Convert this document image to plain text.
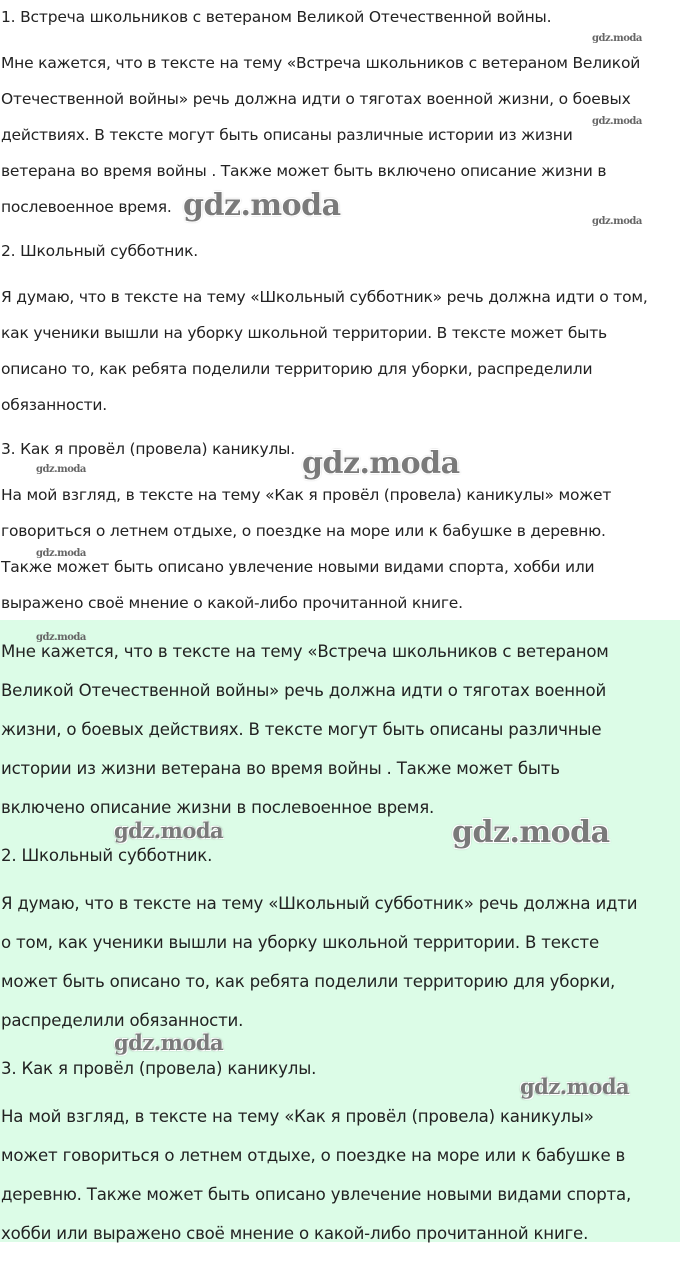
1. Встреча школьников с ветераном Великой Отечественной войны.

Мне кажется, что в тексте на тему «Встреча школьников с ветераном Великой

Отечественной войны» речь должна идти о тяготах военной жизни, о боевых

действиях. В тексте могут быть описаны различные истории из жизни

ветерана во время войны . Также может быть включено описание жизни в

послевоенное время.

2. Школьный субботник.

Я думаю, что в тексте на тему «Школьный субботник» речь должна идти о том,

как ученики вышли на уборку школьной территории. В тексте может быть

описано то, как ребята поделили территорию для уборки, распределили

обязанности.

3. Как я провёл (провела) каникулы.

На мой взгляд, в тексте на тему «Как я провёл (провела) каникулы» может

говориться о летнем отдыхе, о поездке на море или к бабушке в деревню.

Также может быть описано увлечение новыми видами спорта, хобби или

выражено своё мнение о какой-либо прочитанной книге.

Мне кажется, что в тексте на тему «Встреча школьников с ветераном

Великой Отечественной войны» речь должна идти о тяготах военной

жизни, о боевых действиях. В тексте могут быть описаны различные

истории из жизни ветерана во время войны . Также может быть

включено описание жизни в послевоенное время.

2. Школьный субботник.

Я думаю, что в тексте на тему «Школьный субботник» речь должна идти

о том, как ученики вышли на уборку школьной территории. В тексте

может быть описано то, как ребята поделили территорию для уборки,

распределили обязанности.

3. Как я провёл (провела) каникулы.

На мой взгляд, в тексте на тему «Как я провёл (провела) каникулы»

может говориться о летнем отдыхе, о поездке на море или к бабушке в

деревню. Также может быть описано увлечение новыми видами спорта,

хобби или выражено своё мнение о какой-либо прочитанной книге.

gdz.moda
gdz.moda
gdz.moda	gdz.moda
gdz.moda
gdz.moda
gdz.moda
gdz.moda
gdz.moda	gdz.moda
gdz.moda
gdz.moda
